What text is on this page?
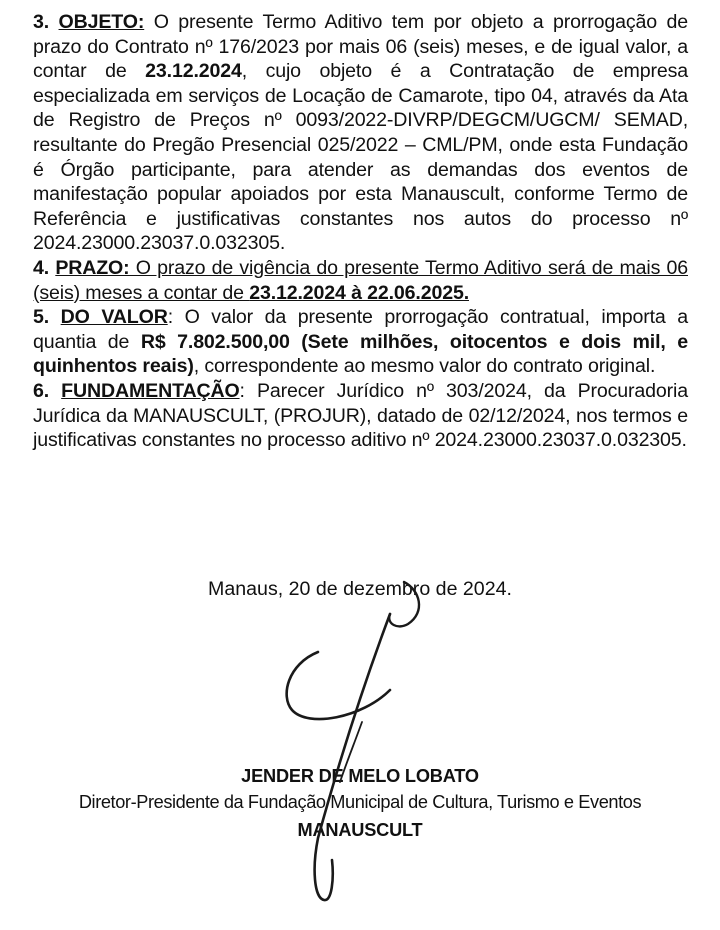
3. OBJETO: O presente Termo Aditivo tem por objeto a prorrogação de prazo do Contrato nº 176/2023 por mais 06 (seis) meses, e de igual valor, a contar de 23.12.2024, cujo objeto é a Contratação de empresa especializada em serviços de Locação de Camarote, tipo 04, através da Ata de Registro de Preços nº 0093/2022-DIVRP/DEGCM/UGCM/ SEMAD, resultante do Pregão Presencial 025/2022 – CML/PM, onde esta Fundação é Órgão participante, para atender as demandas dos eventos de manifestação popular apoiados por esta Manauscult, conforme Termo de Referência e justificativas constantes nos autos do processo nº 2024.23000.23037.0.032305.

4. PRAZO: O prazo de vigência do presente Termo Aditivo será de mais 06 (seis) meses a contar de 23.12.2024 à 22.06.2025.

5. DO VALOR: O valor da presente prorrogação contratual, importa a quantia de R$ 7.802.500,00 (Sete milhões, oitocentos e dois mil, e quinhentos reais), correspondente ao mesmo valor do contrato original.

6. FUNDAMENTAÇÃO: Parecer Jurídico nº 303/2024, da Procuradoria Jurídica da MANAUSCULT, (PROJUR), datado de 02/12/2024, nos termos e justificativas constantes no processo aditivo nº 2024.23000.23037.0.032305.

Manaus, 20 de dezembro de 2024.
JENDER DE MELO LOBATO
Diretor-Presidente da Fundação Municipal de Cultura, Turismo e Eventos
MANAUSCULT
